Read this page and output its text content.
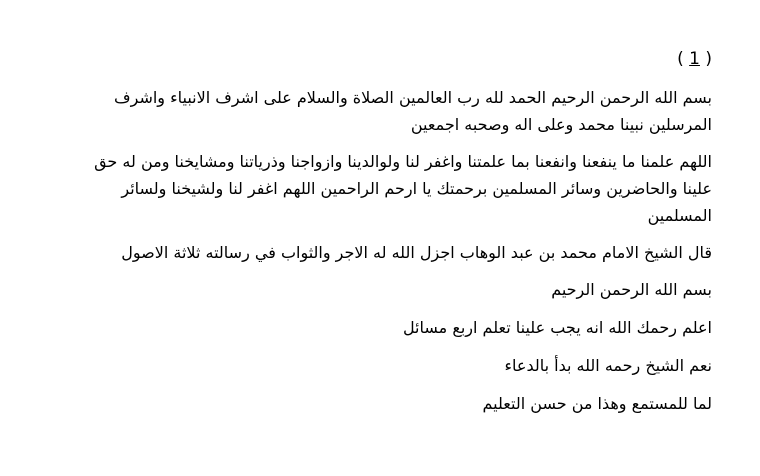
( 1 )

بسم الله الرحمن الرحيم الحمد لله رب العالمين الصلاة والسلام على اشرف الانبياء واشرف المرسلين نبينا محمد وعلى اله وصحبه اجمعين

اللهم علمنا ما ينفعنا وانفعنا بما علمتنا واغفر لنا ولوالدينا وازواجنا وذرياتنا ومشايخنا ومن له حق علينا والحاضرين وسائر المسلمين برحمتك يا ارحم الراحمين اللهم اغفر لنا ولشيخنا ولسائر المسلمين

قال الشيخ الامام محمد بن عبد الوهاب اجزل الله له الاجر والثواب في رسالته ثلاثة الاصول

بسم الله الرحمن الرحيم

اعلم رحمك الله انه يجب علينا تعلم اربع مسائل

نعم الشيخ رحمه الله بدأ بالدعاء

لما للمستمع وهذا من حسن التعليم
